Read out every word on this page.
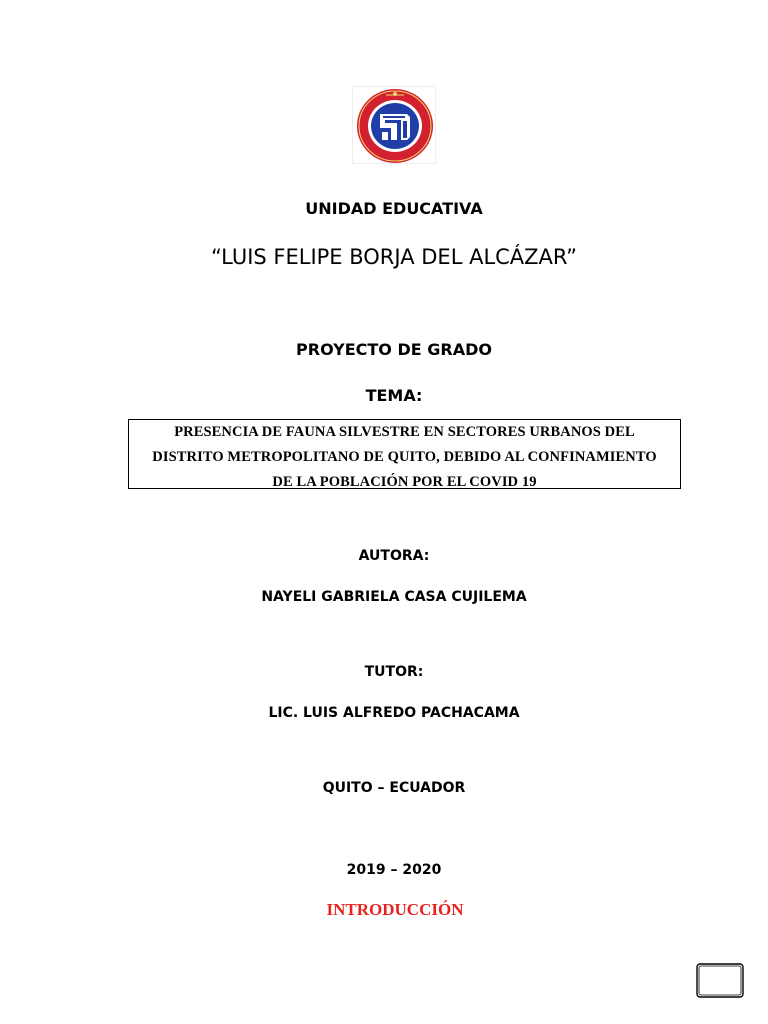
UNIDAD EDUCATIVA
“LUIS FELIPE BORJA DEL ALCÁZAR”
PROYECTO DE GRADO
TEMA:
PRESENCIA DE FAUNA SILVESTRE EN SECTORES URBANOS DEL
DISTRITO METROPOLITANO DE QUITO, DEBIDO AL CONFINAMIENTO
DE LA POBLACIÓN POR EL COVID 19
AUTORA:
NAYELI GABRIELA CASA CUJILEMA
TUTOR:
LIC. LUIS ALFREDO PACHACAMA
QUITO – ECUADOR
2019 – 2020
INTRODUCCIÓN
